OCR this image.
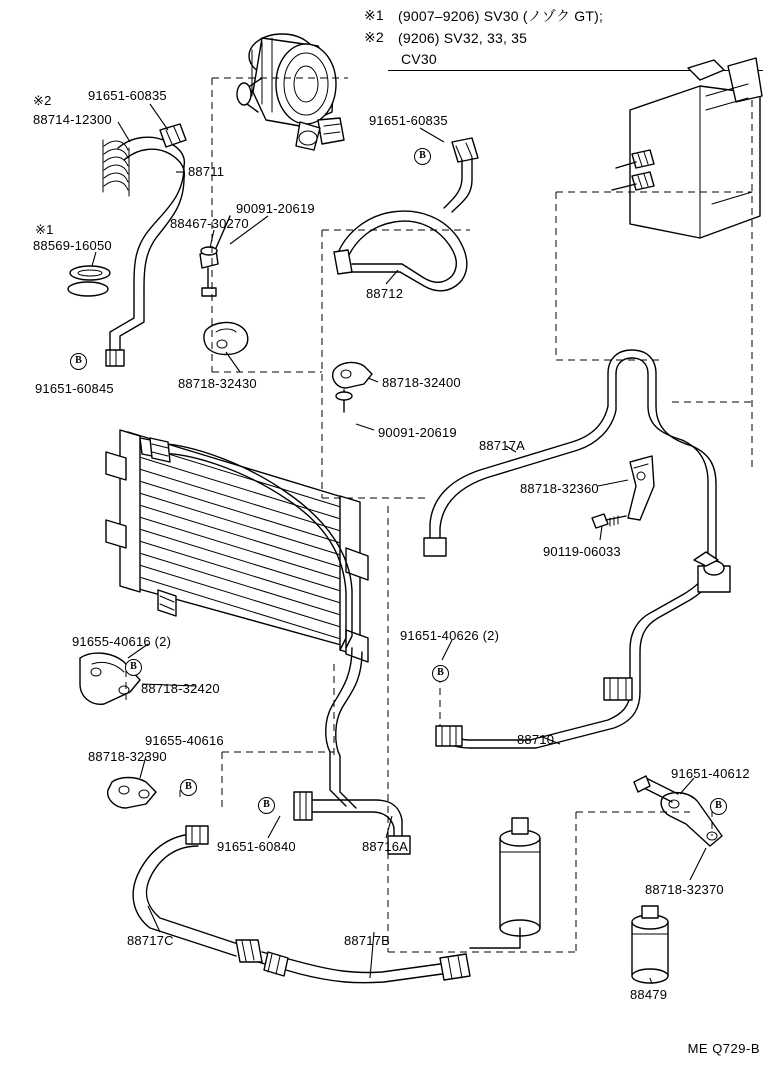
※1 (9007–9206) SV30 (ノゾク GT);
※2 (9206) SV32, 33, 35
CV30
88714-12300
※2	91651-60835
88711
※1
88569-16050
88467-30270
90091-20619
91651-60835
88712
91651-60845	88718-32430	88718-32400
90091-20619
88717A
88718-32360
90119-06033
91655-40616 (2)
88718-32420
91655-40616
88718-32390
91651-40626 (2)
88710
91651-40612
91651-60840	88716A
88718-32370
88717C	88717B
88479
B
B
B
B
B
B	B
ME Q729-B
